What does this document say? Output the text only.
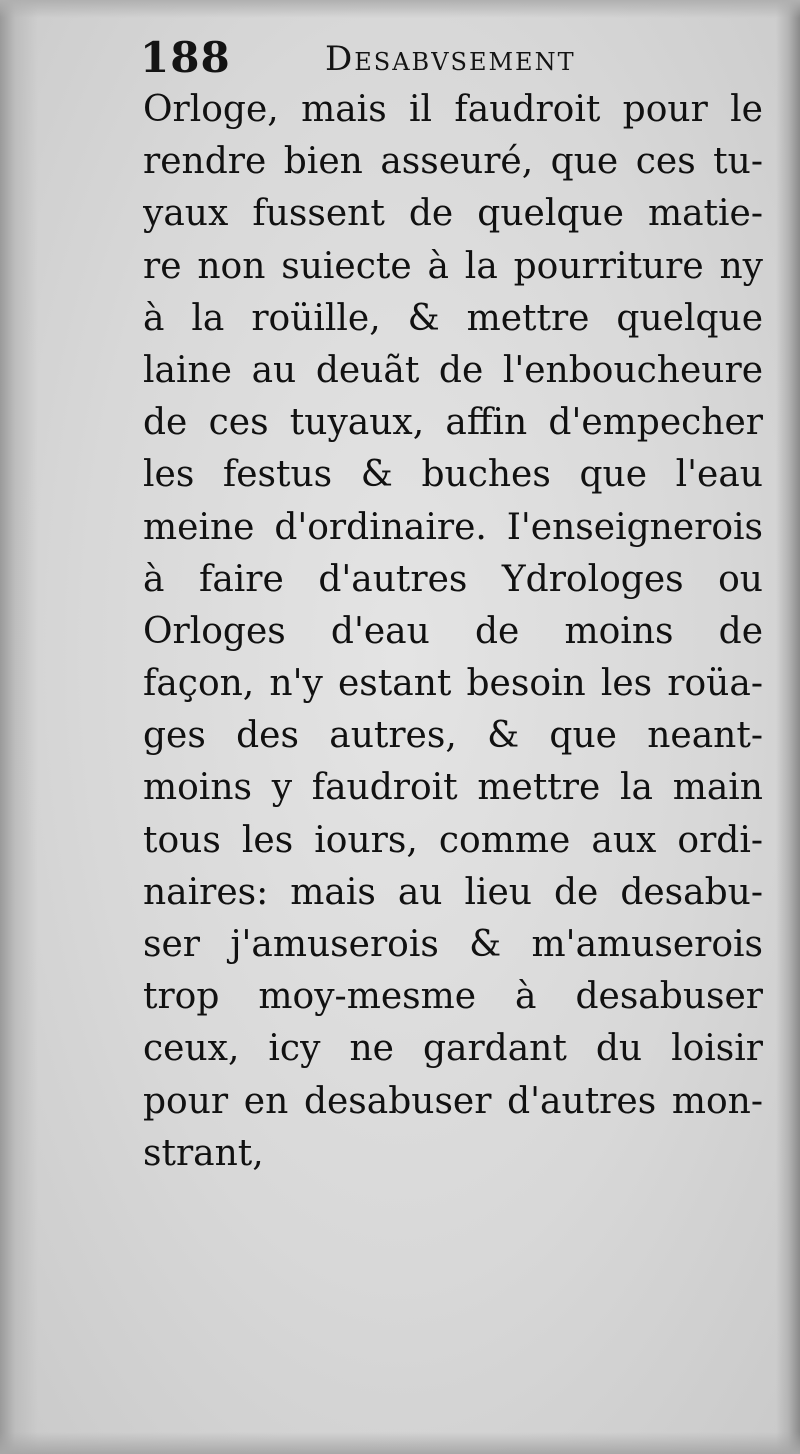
188	Desabvsement
Orloge, mais il faudroit pour le
rendre bien asseuré, que ces tu-
yaux fussent de quelque matie-
re non suiecte à la pourriture ny
à la roüille, & mettre quelque
laine au deuãt de l'enboucheure
de ces tuyaux, affin d'empecher
les festus & buches que l'eau
meine d'ordinaire. I'enseignerois
à faire d'autres Ydrologes ou
Orloges d'eau de moins de
façon, n'y estant besoin les roüa-
ges des autres, & que neant-
moins y faudroit mettre la main
tous les iours, comme aux ordi-
naires: mais au lieu de desabu-
ser j'amuserois & m'amuserois
trop moy-mesme à desabuser
ceux, icy ne gardant du loisir
pour en desabuser d'autres mon-
strant,
